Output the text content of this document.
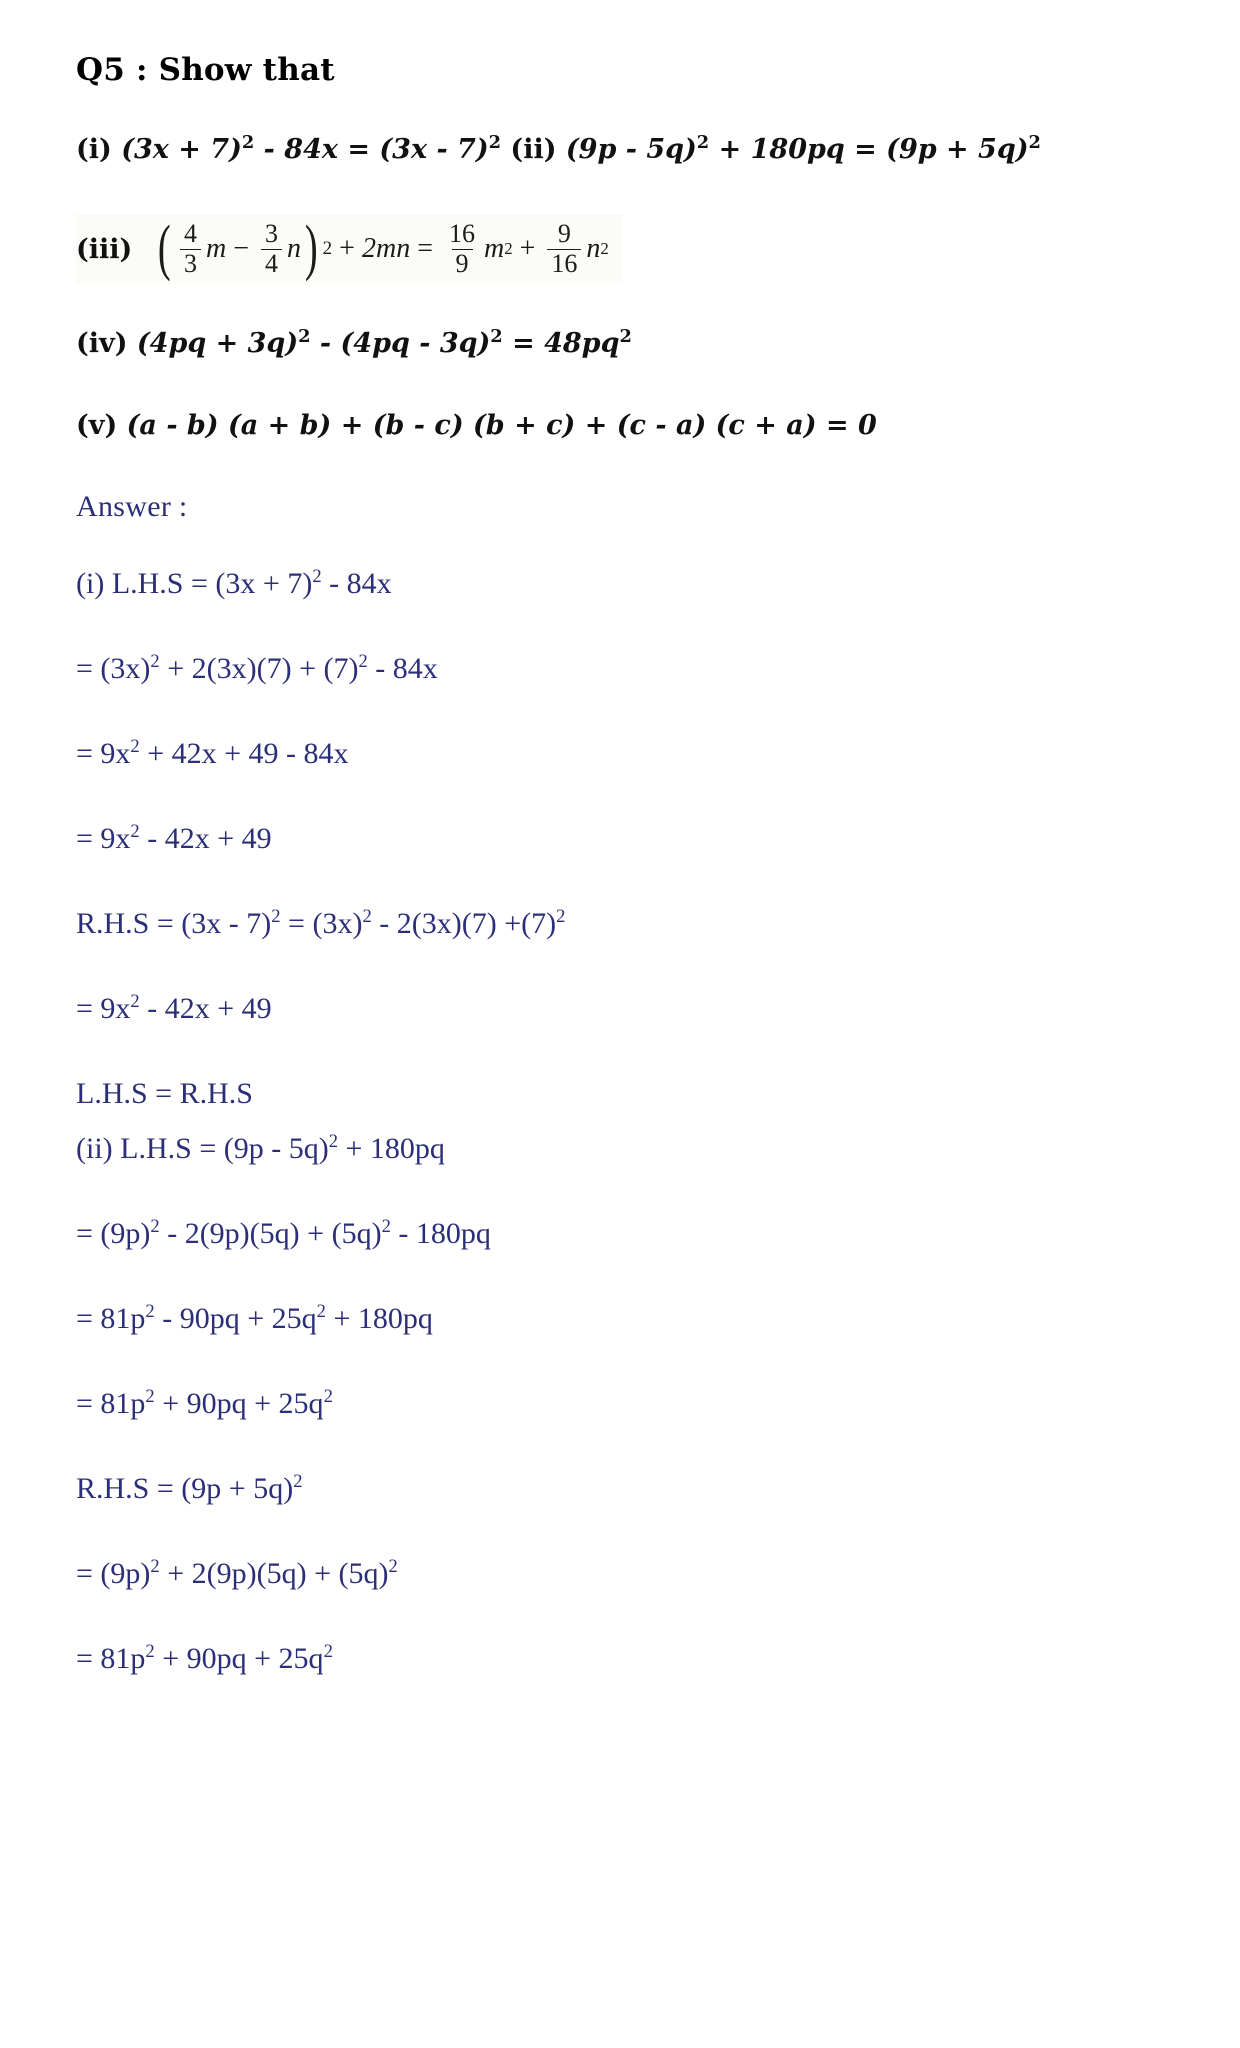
Q5 : Show that

(i) $(3x + 7)^2 - 84x = (3x - 7)^2$ (ii) $(9p - 5q)^2 + 180pq = (9p + 5q)^2$

(iii) ( $\frac{4}{3}$ $m - \frac{3}{4}$ n ) $2 + 2mn = \frac{16}{9}$ m $2 + \frac{9}{16}$ n 2

(iv) $(4pq + 3q)^2 - (4pq - 3q)^2 = 48pq^2$

(v) (a - b) (a + b) + (b - c) (b + c) + (c - a) (c + a) = 0

Answer :

(i) $L.H.S = (3x + 7)^2 - 84x$

= $(3x)^2 + 2(3x)(7) + (7)^2 - 84x$

= $9x^2 + 42x + 49 - 84x$

= $9x^2 - 42x + 49$

$R.H.S = (3x - 7)^2 = (3x)^2 - 2(3x)(7) +(7)^2$

= $9x^2 - 42x + 49$

L.H.S = R.H.S

(ii) L.H.S = (9p - 5q)$^2$ + 180pq

= $(9p)^2 - 2(9p)(5q) + (5q)^2 - 180pq$

= $81p^2 - 90pq + 25q^2 + 180pq$

= $81p^2 + 90pq + 25q^2$

$R.H.S = (9p + 5q)^2$

= $(9p)^2 + 2(9p)(5q) + (5q)^2$

= $81p^2 + 90pq + 25q^2$
